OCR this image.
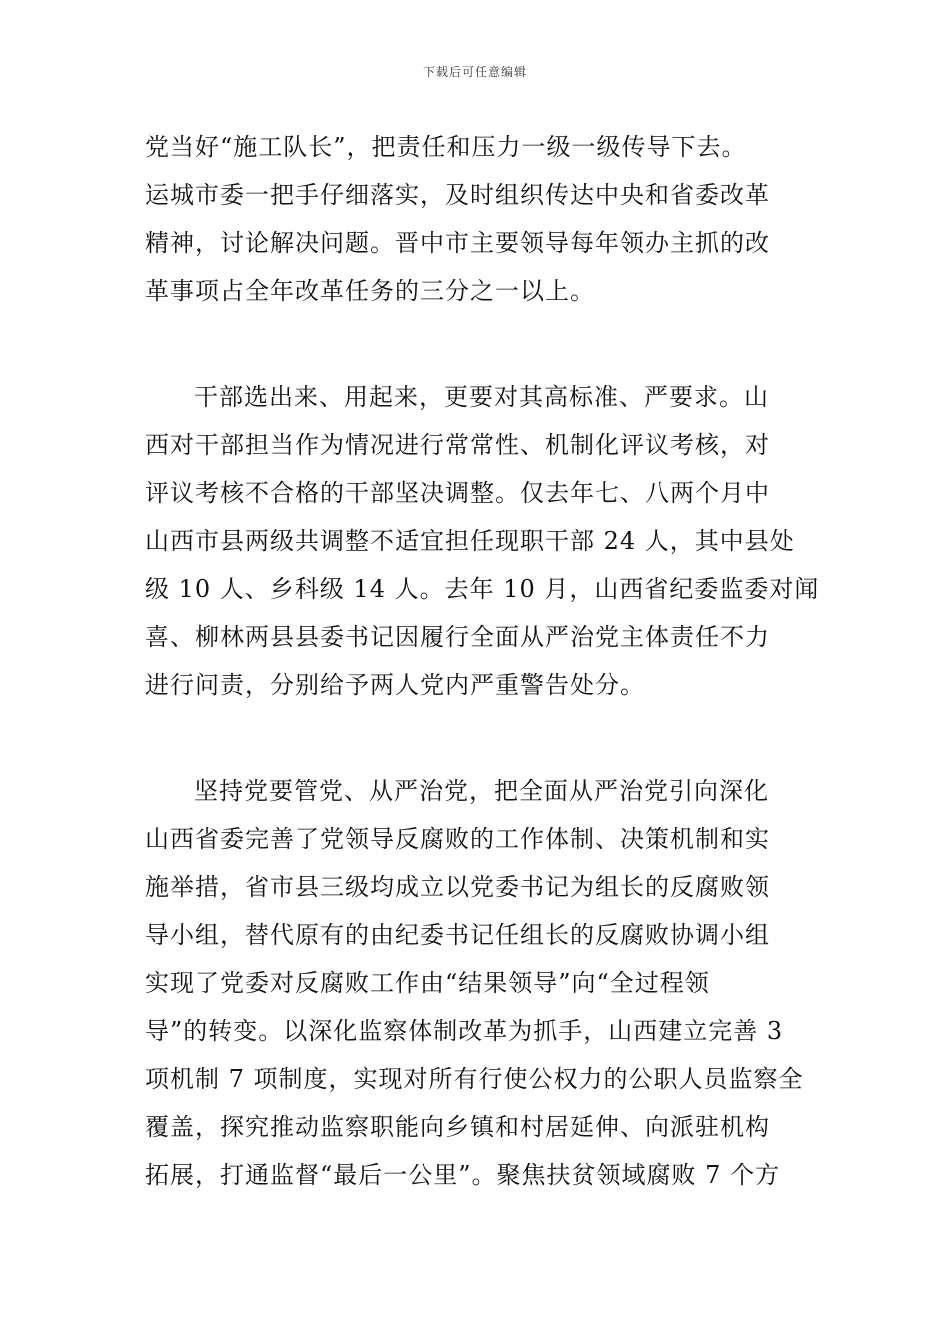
下载后可任意编辑
党当好“施工队长”，把责任和压力一级一级传导下去。
运城市委一把手仔细落实，及时组织传达中央和省委改革
精神，讨论解决问题。晋中市主要领导每年领办主抓的改
革事项占全年改革任务的三分之一以上。
干部选出来、用起来，更要对其高标准、严要求。山
西对干部担当作为情况进行常常性、机制化评议考核，对
评议考核不合格的干部坚决调整。仅去年七、八两个月中
山西市县两级共调整不适宜担任现职干部 24 人，其中县处
级 10 人、乡科级 14 人。去年 10 月，山西省纪委监委对闻
喜、柳林两县县委书记因履行全面从严治党主体责任不力
进行问责，分别给予两人党内严重警告处分。
坚持党要管党、从严治党，把全面从严治党引向深化
山西省委完善了党领导反腐败的工作体制、决策机制和实
施举措，省市县三级均成立以党委书记为组长的反腐败领
导小组，替代原有的由纪委书记任组长的反腐败协调小组
实现了党委对反腐败工作由“结果领导”向“全过程领
导”的转变。以深化监察体制改革为抓手，山西建立完善 3
项机制 7 项制度，实现对所有行使公权力的公职人员监察全
覆盖，探究推动监察职能向乡镇和村居延伸、向派驻机构
拓展，打通监督“最后一公里”。聚焦扶贫领域腐败 7 个方
